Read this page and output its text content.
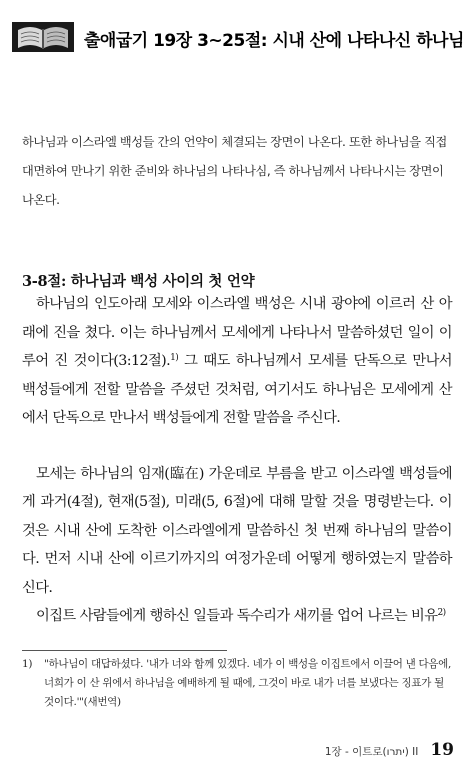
출애굽기 19장 3~25절: 시내 산에 나타나신 하나님
하나님과 이스라엘 백성들 간의 언약이 체결되는 장면이 나온다. 또한 하나님을 직접 대면하여 만나기 위한 준비와 하나님의 나타나심, 즉 하나님께서 나타나시는 장면이 나온다.
3-8절: 하나님과 백성 사이의 첫 언약

하나님의 인도아래 모세와 이스라엘 백성은 시내 광야에 이르러 산 아래에 진을 쳤다. 이는 하나님께서 모세에게 나타나서 말씀하셨던 일이 이루어 진 것이다(3:12절).$^{1)}$ 그 때도 하나님께서 모세를 단독으로 만나서 백성들에게 전할 말씀을 주셨던 것처럼, 여기서도 하나님은 모세에게 산에서 단독으로 만나서 백성들에게 전할 말씀을 주신다.

모세는 하나님의 임재(臨在) 가운데로 부름을 받고 이스라엘 백성들에게 과거(4절), 현재(5절), 미래(5, 6절)에 대해 말할 것을 명령받는다. 이것은 시내 산에 도착한 이스라엘에게 말씀하신 첫 번째 하나님의 말씀이다. 먼저 시내 산에 이르기까지의 여정가운데 어떻게 행하였는지 말씀하신다.

이집트 사람들에게 행하신 일들과 독수리가 새끼를 업어 나르는 비유$^{2)}$

1) "하나님이 대답하셨다. '내가 너와 함께 있겠다. 네가 이 백성을 이집트에서 이끌어 낸 다음에, 너희가 이 산 위에서 하나님을 예배하게 될 때에, 그것이 바로 내가 너를 보냈다는 징표가 될 것이다.'"(새번역)
1장 - 이트로(יתרו) II 19
